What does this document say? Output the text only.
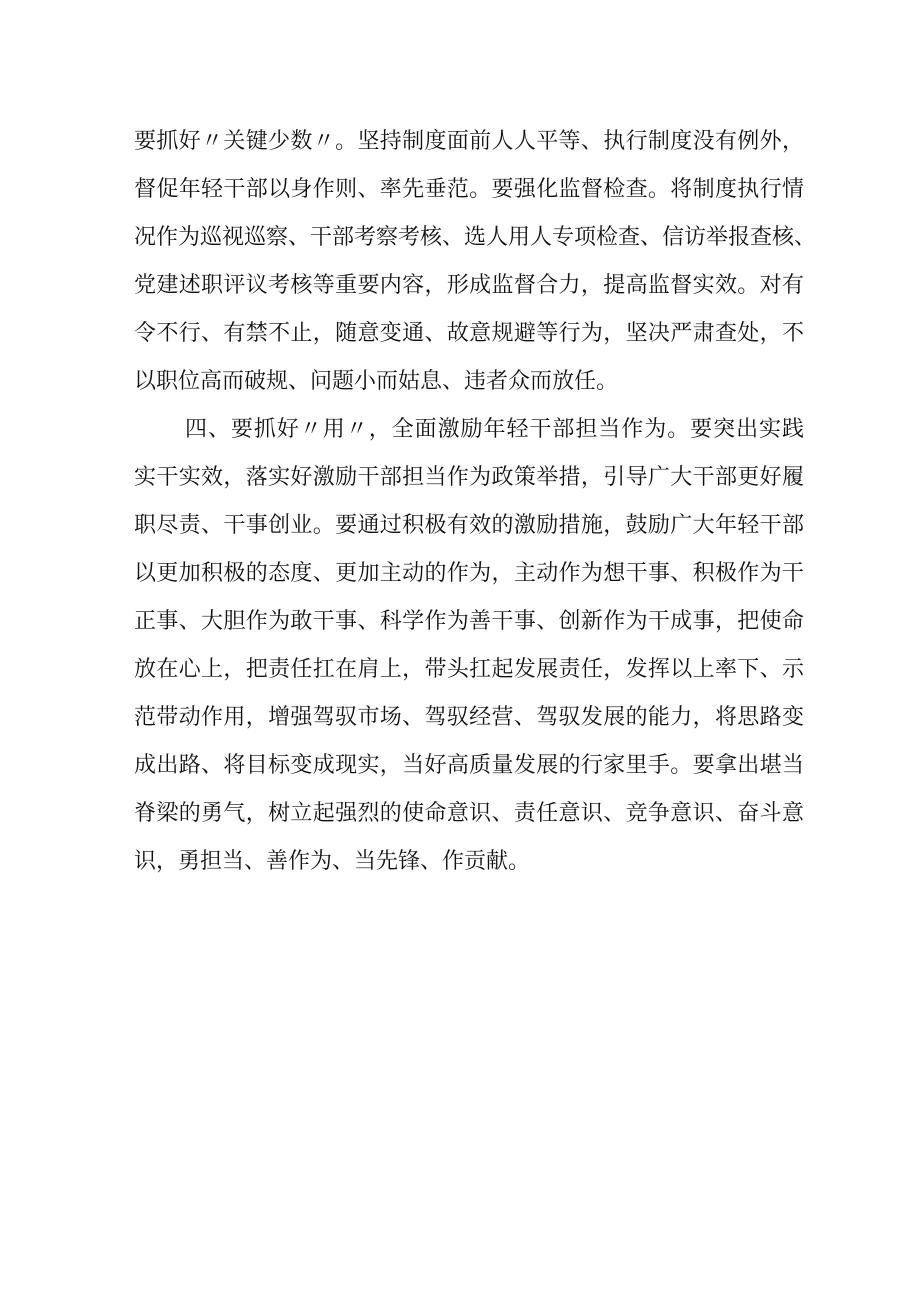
要抓好〃关键少数〃。坚持制度面前人人平等、执行制度没有例外，
督促年轻干部以身作则、率先垂范。要强化监督检查。将制度执行情
况作为巡视巡察、干部考察考核、选人用人专项检查、信访举报查核、
党建述职评议考核等重要内容，形成监督合力，提高监督实效。对有
令不行、有禁不止，随意变通、故意规避等行为，坚决严肃查处，不
以职位高而破规、问题小而姑息、违者众而放任。
四、要抓好〃用〃，全面激励年轻干部担当作为。要突出实践
实干实效，落实好激励干部担当作为政策举措，引导广大干部更好履
职尽责、干事创业。要通过积极有效的激励措施，鼓励广大年轻干部
以更加积极的态度、更加主动的作为，主动作为想干事、积极作为干
正事、大胆作为敢干事、科学作为善干事、创新作为干成事，把使命
放在心上，把责任扛在肩上，带头扛起发展责任，发挥以上率下、示
范带动作用，增强驾驭市场、驾驭经营、驾驭发展的能力，将思路变
成出路、将目标变成现实，当好高质量发展的行家里手。要拿出堪当
脊梁的勇气，树立起强烈的使命意识、责任意识、竞争意识、奋斗意
识，勇担当、善作为、当先锋、作贡献。
